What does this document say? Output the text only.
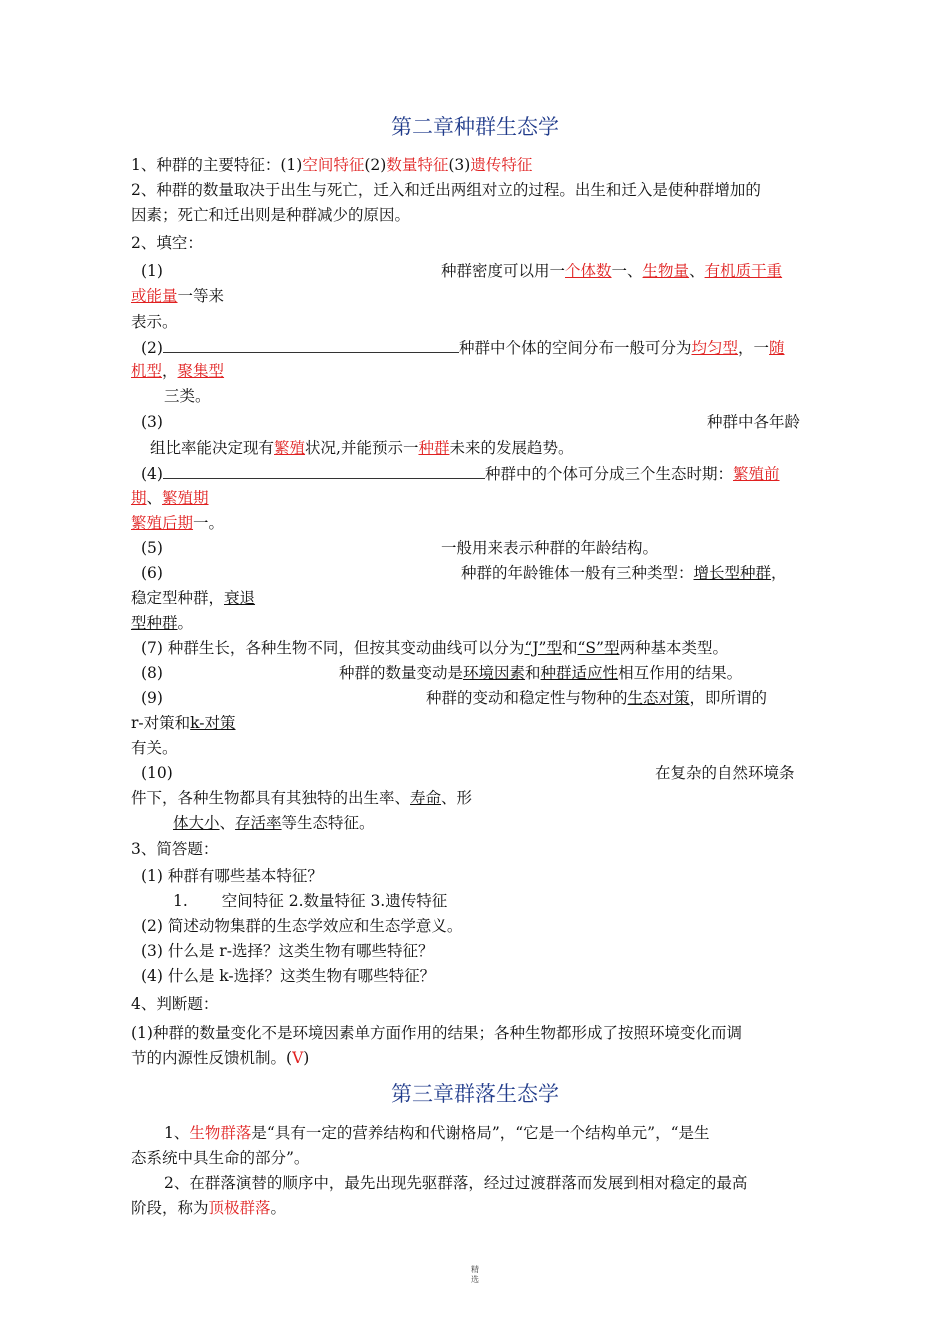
第二章种群生态学
1、种群的主要特征：(1)空间特征(2)数量特征(3)遗传特征
2、种群的数量取决于出生与死亡，迁入和迁出两组对立的过程。出生和迁入是使种群增加的
因素；死亡和迁出则是种群减少的原因。
2、填空：
(1)	种群密度可以用一个体数一、生物量、有机质干重
或能量一等来
表示。
(2)	种群中个体的空间分布一般可分为均匀型，一随
机型，聚集型
三类。
(3)	种群中各年龄
组比率能决定现有繁殖状况,并能预示一种群未来的发展趋势。
(4)	种群中的个体可分成三个生态时期：繁殖前
期、繁殖期
繁殖后期一。
(5)	一般用来表示种群的年龄结构。
(6)	种群的年龄锥体一般有三种类型：增长型种群，
稳定型种群，衰退
型种群。
(7) 种群生长，各种生物不同，但按其变动曲线可以分为“J”型和“S”型两种基本类型。
(8)	种群的数量变动是环境因素和种群适应性相互作用的结果。
(9)	种群的变动和稳定性与物种的生态对策，即所谓的
r-对策和k-对策
有关。
(10)	在复杂的自然环境条
件下，各种生物都具有其独特的出生率、寿命、形
体大小、存活率等生态特征。
3、简答题：
(1) 种群有哪些基本特征？
1. 空间特征 2.数量特征 3.遗传特征
(2) 简述动物集群的生态学效应和生态学意义。
(3) 什么是 r-选择？这类生物有哪些特征？
(4) 什么是 k-选择？这类生物有哪些特征？
4、判断题：
(1)种群的数量变化不是环境因素单方面作用的结果；各种生物都形成了按照环境变化而调
节的内源性反馈机制。(V)
第三章群落生态学
1、生物群落是“具有一定的营养结构和代谢格局”，“它是一个结构单元”，“是生
态系统中具生命的部分”。
2、在群落演替的顺序中，最先出现先驱群落，经过过渡群落而发展到相对稳定的最高
阶段，称为顶极群落。
精
选
